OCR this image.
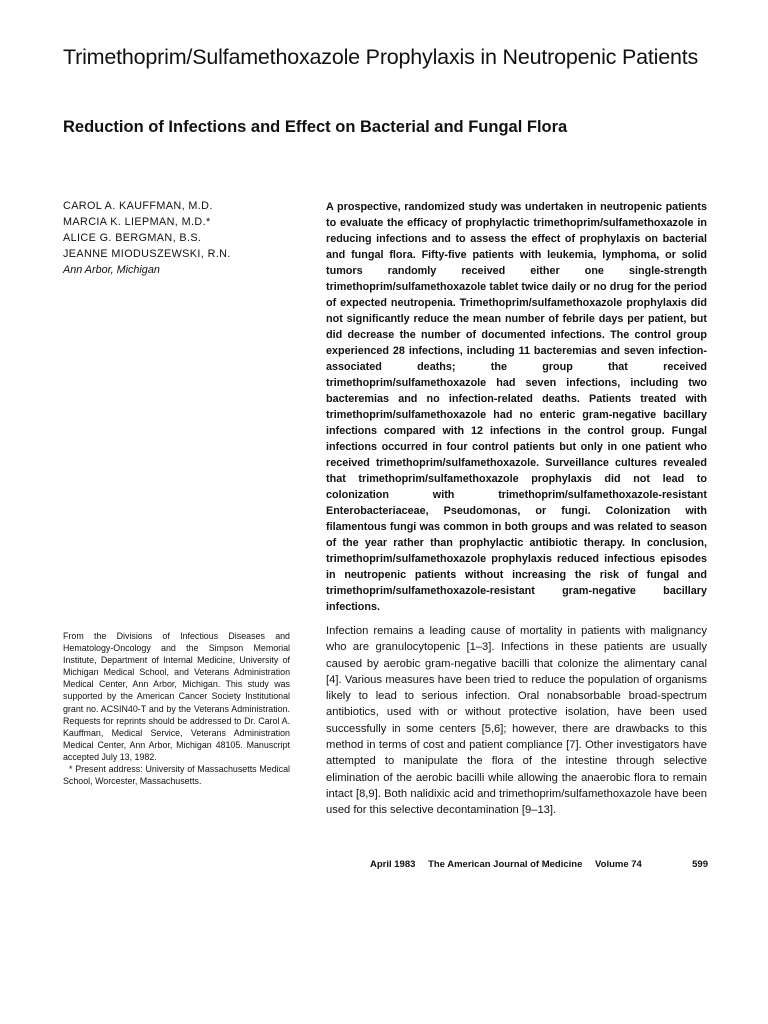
Trimethoprim/Sulfamethoxazole Prophylaxis in Neutropenic Patients
Reduction of Infections and Effect on Bacterial and Fungal Flora
CAROL A. KAUFFMAN, M.D.
MARCIA K. LIEPMAN, M.D.*
ALICE G. BERGMAN, B.S.
JEANNE MIODUSZEWSKI, R.N.
Ann Arbor, Michigan

A prospective, randomized study was undertaken in neutropenic patients to evaluate the efficacy of prophylactic trimethoprim/sulfamethoxazole in reducing infections and to assess the effect of prophylaxis on bacterial and fungal flora. Fifty-five patients with leukemia, lymphoma, or solid tumors randomly received either one single-strength trimethoprim/sulfamethoxazole tablet twice daily or no drug for the period of expected neutropenia. Trimethoprim/sulfamethoxazole prophylaxis did not significantly reduce the mean number of febrile days per patient, but did decrease the number of documented infections. The control group experienced 28 infections, including 11 bacteremias and seven infection-associated deaths; the group that received trimethoprim/sulfamethoxazole had seven infections, including two bacteremias and no infection-related deaths. Patients treated with trimethoprim/sulfamethoxazole had no enteric gram-negative bacillary infections compared with 12 infections in the control group. Fungal infections occurred in four control patients but only in one patient who received trimethoprim/sulfamethoxazole. Surveillance cultures revealed that trimethoprim/sulfamethoxazole prophylaxis did not lead to colonization with trimethoprim/sulfamethoxazole-resistant Enterobacteriaceae, Pseudomonas, or fungi. Colonization with filamentous fungi was common in both groups and was related to season of the year rather than prophylactic antibiotic therapy. In conclusion, trimethoprim/sulfamethoxazole prophylaxis reduced infectious episodes in neutropenic patients without increasing the risk of fungal and trimethoprim/sulfamethoxazole-resistant gram-negative bacillary infections.

From the Divisions of Infectious Diseases and Hematology-Oncology and the Simpson Memorial Institute, Department of Internal Medicine, University of Michigan Medical School, and Veterans Administration Medical Center, Ann Arbor, Michigan. This study was supported by the American Cancer Society Institutional grant no. ACSIN40-T and by the Veterans Administration. Requests for reprints should be addressed to Dr. Carol A. Kauffman, Medical Service, Veterans Administration Medical Center, Ann Arbor, Michigan 48105. Manuscript accepted July 13, 1982.

* Present address: University of Massachusetts Medical School, Worcester, Massachusetts.

Infection remains a leading cause of mortality in patients with malignancy who are granulocytopenic [1–3]. Infections in these patients are usually caused by aerobic gram-negative bacilli that colonize the alimentary canal [4]. Various measures have been tried to reduce the population of organisms likely to lead to serious infection. Oral nonabsorbable broad-spectrum antibiotics, used with or without protective isolation, have been used successfully in some centers [5,6]; however, there are drawbacks to this method in terms of cost and patient compliance [7]. Other investigators have attempted to manipulate the flora of the intestine through selective elimination of the aerobic bacilli while allowing the anaerobic flora to remain intact [8,9]. Both nalidixic acid and trimethoprim/sulfamethoxazole have been used for this selective decontamination [9–13].

April 1983 The American Journal of Medicine Volume 74	599
